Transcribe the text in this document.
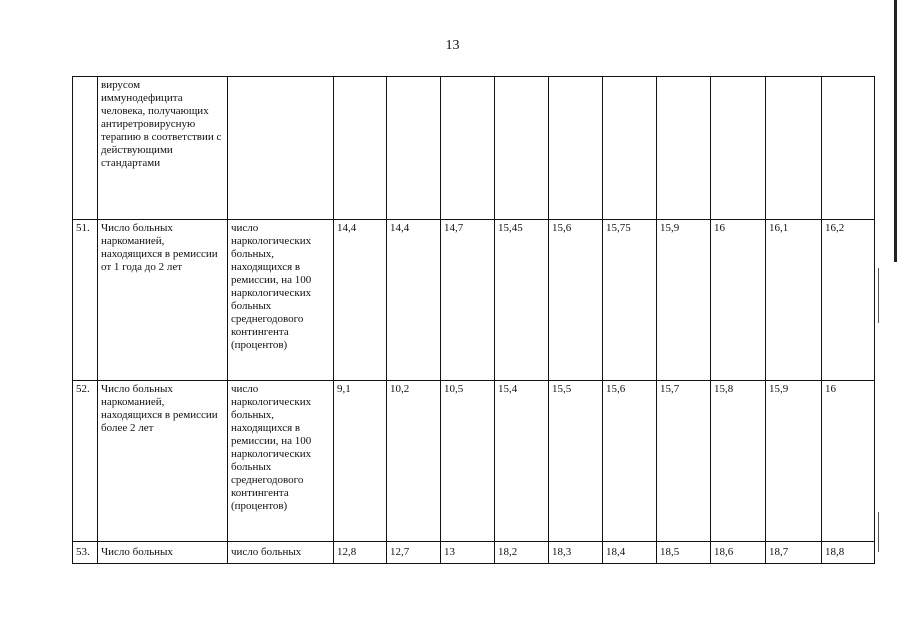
13
	вирусом иммунодефицита человека, получающих антиретровирусную терапию в соответствии с действующими стандартами											
51.	Число больных наркоманией, находящихся в ремиссии от 1 года до 2 лет	число наркологических больных, находящихся в ремиссии, на 100 наркологических больных среднегодового контингента (процентов)	14,4	14,4	14,7	15,45	15,6	15,75	15,9	16	16,1	16,2
52.	Число больных наркоманией, находящихся в ремиссии более 2 лет	число наркологических больных, находящихся в ремиссии, на 100 наркологических больных среднегодового контингента (процентов)	9,1	10,2	10,5	15,4	15,5	15,6	15,7	15,8	15,9	16
53.	Число больных	число больных	12,8	12,7	13	18,2	18,3	18,4	18,5	18,6	18,7	18,8
